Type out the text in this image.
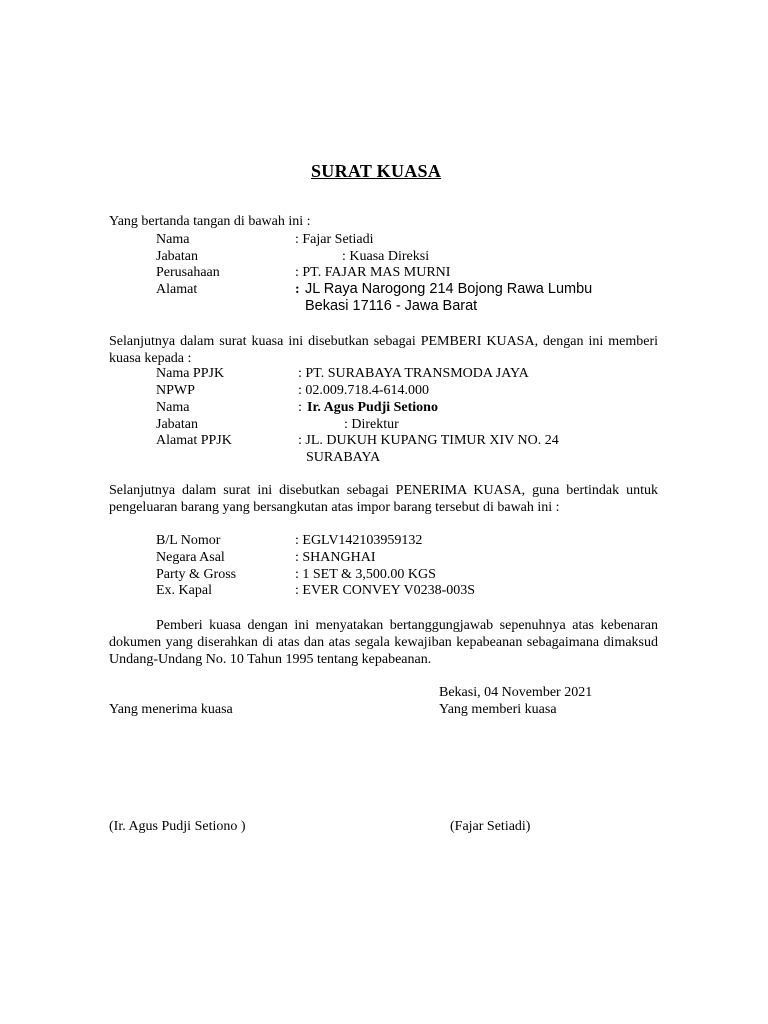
SURAT KUASA
Yang bertanda tangan di bawah ini :
Nama	: Fajar Setiadi
Jabatan	: Kuasa Direksi
Perusahaan	: PT. FAJAR MAS MURNI
Alamat	: JL Raya Narogong 214 Bojong Rawa Lumbu
Bekasi 17116 - Jawa Barat
Selanjutnya dalam surat kuasa ini disebutkan sebagai PEMBERI KUASA, dengan ini memberi kuasa kepada :
Nama PPJK	: PT. SURABAYA TRANSMODA JAYA
NPWP	: 02.009.718.4-614.000
Nama	: Ir. Agus Pudji Setiono
Jabatan	: Direktur
Alamat PPJK	: JL. DUKUH KUPANG TIMUR XIV NO. 24
SURABAYA
Selanjutnya dalam surat ini disebutkan sebagai PENERIMA KUASA, guna bertindak untuk pengeluaran barang yang bersangkutan atas impor barang tersebut di bawah ini :
B/L Nomor	: EGLV142103959132
Negara Asal	: SHANGHAI
Party & Gross	: 1 SET & 3,500.00 KGS
Ex. Kapal	: EVER CONVEY V0238-003S
Pemberi kuasa dengan ini menyatakan bertanggungjawab sepenuhnya atas kebenaran dokumen yang diserahkan di atas dan atas segala kewajiban kepabeanan sebagaimana dimaksud Undang-Undang No. 10 Tahun 1995 tentang kepabeanan.
Bekasi, 04 November 2021
Yang menerima kuasa	Yang memberi kuasa
(Ir. Agus Pudji Setiono )	(Fajar Setiadi)
